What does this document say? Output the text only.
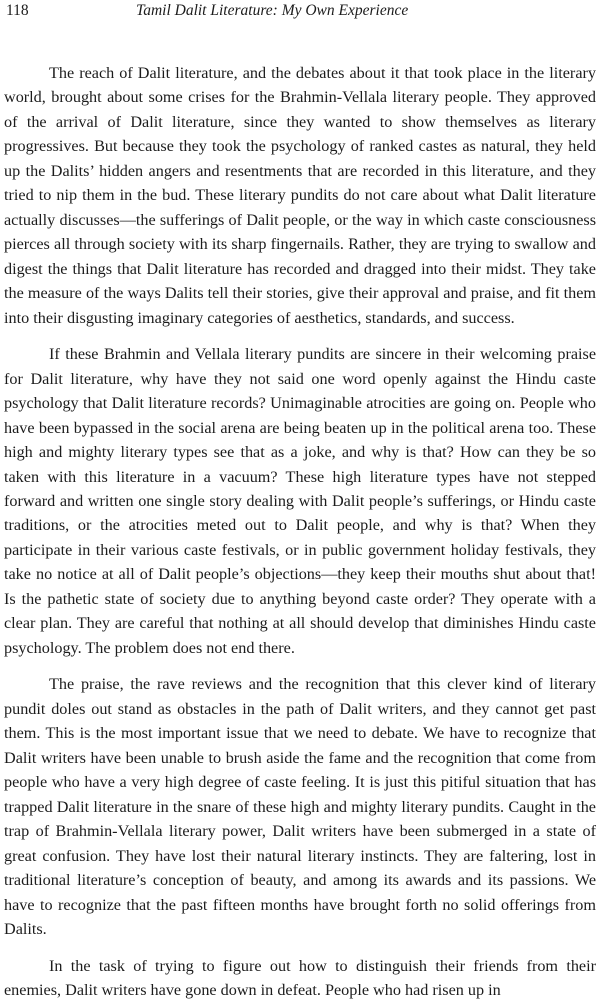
118	Tamil Dalit Literature: My Own Experience

The reach of Dalit literature, and the debates about it that took place in the literary world, brought about some crises for the Brahmin-Vellala literary people. They approved of the arrival of Dalit literature, since they wanted to show themselves as literary progressives. But because they took the psychology of ranked castes as natural, they held up the Dalits’ hidden angers and resentments that are recorded in this literature, and they tried to nip them in the bud. These literary pundits do not care about what Dalit literature actually discusses—the sufferings of Dalit people, or the way in which caste consciousness pierces all through society with its sharp fingernails. Rather, they are trying to swallow and digest the things that Dalit literature has recorded and dragged into their midst. They take the measure of the ways Dalits tell their stories, give their approval and praise, and fit them into their disgusting imaginary categories of aesthetics, standards, and success.

If these Brahmin and Vellala literary pundits are sincere in their welcoming praise for Dalit literature, why have they not said one word openly against the Hindu caste psychology that Dalit literature records? Unimaginable atrocities are going on. People who have been bypassed in the social arena are being beaten up in the political arena too. These high and mighty literary types see that as a joke, and why is that? How can they be so taken with this literature in a vacuum? These high literature types have not stepped forward and written one single story dealing with Dalit people’s sufferings, or Hindu caste traditions, or the atrocities meted out to Dalit people, and why is that? When they participate in their various caste festivals, or in public government holiday festivals, they take no notice at all of Dalit people’s objections—they keep their mouths shut about that! Is the pathetic state of society due to anything beyond caste order? They operate with a clear plan. They are careful that nothing at all should develop that diminishes Hindu caste psychology. The problem does not end there.

The praise, the rave reviews and the recognition that this clever kind of literary pundit doles out stand as obstacles in the path of Dalit writers, and they cannot get past them. This is the most important issue that we need to debate. We have to recognize that Dalit writers have been unable to brush aside the fame and the recognition that come from people who have a very high degree of caste feeling. It is just this pitiful situation that has trapped Dalit literature in the snare of these high and mighty literary pundits. Caught in the trap of Brahmin-Vellala literary power, Dalit writers have been submerged in a state of great confusion. They have lost their natural literary instincts. They are faltering, lost in traditional literature’s conception of beauty, and among its awards and its passions. We have to recognize that the past fifteen months have brought forth no solid offerings from Dalits.

In the task of trying to figure out how to distinguish their friends from their enemies, Dalit writers have gone down in defeat. People who had risen up in
